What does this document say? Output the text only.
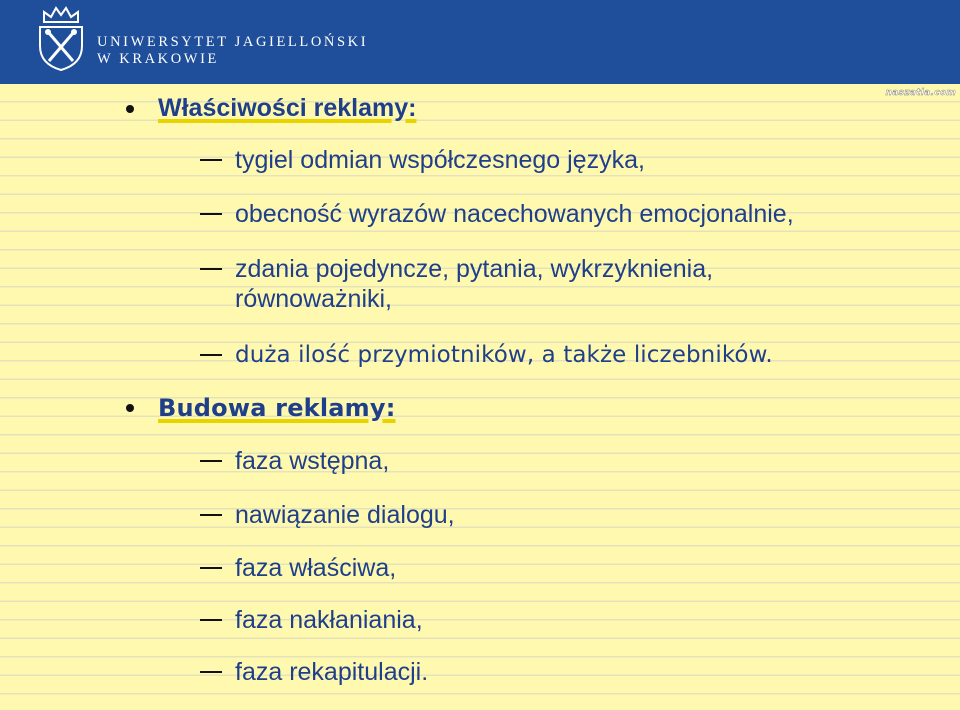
UNIWERSYTET JAGIELLOŃSKI
W KRAKOWIE
naszatla.com
Właściwości reklamy:
tygiel odmian współczesnego języka,
obecność wyrazów nacechowanych emocjonalnie,
zdania pojedyncze, pytania, wykrzyknienia,
równoważniki,
duża ilość przymiotników, a także liczebników.
Budowa reklamy:
faza wstępna,
nawiązanie dialogu,
faza właściwa,
faza nakłaniania,
faza rekapitulacji.
